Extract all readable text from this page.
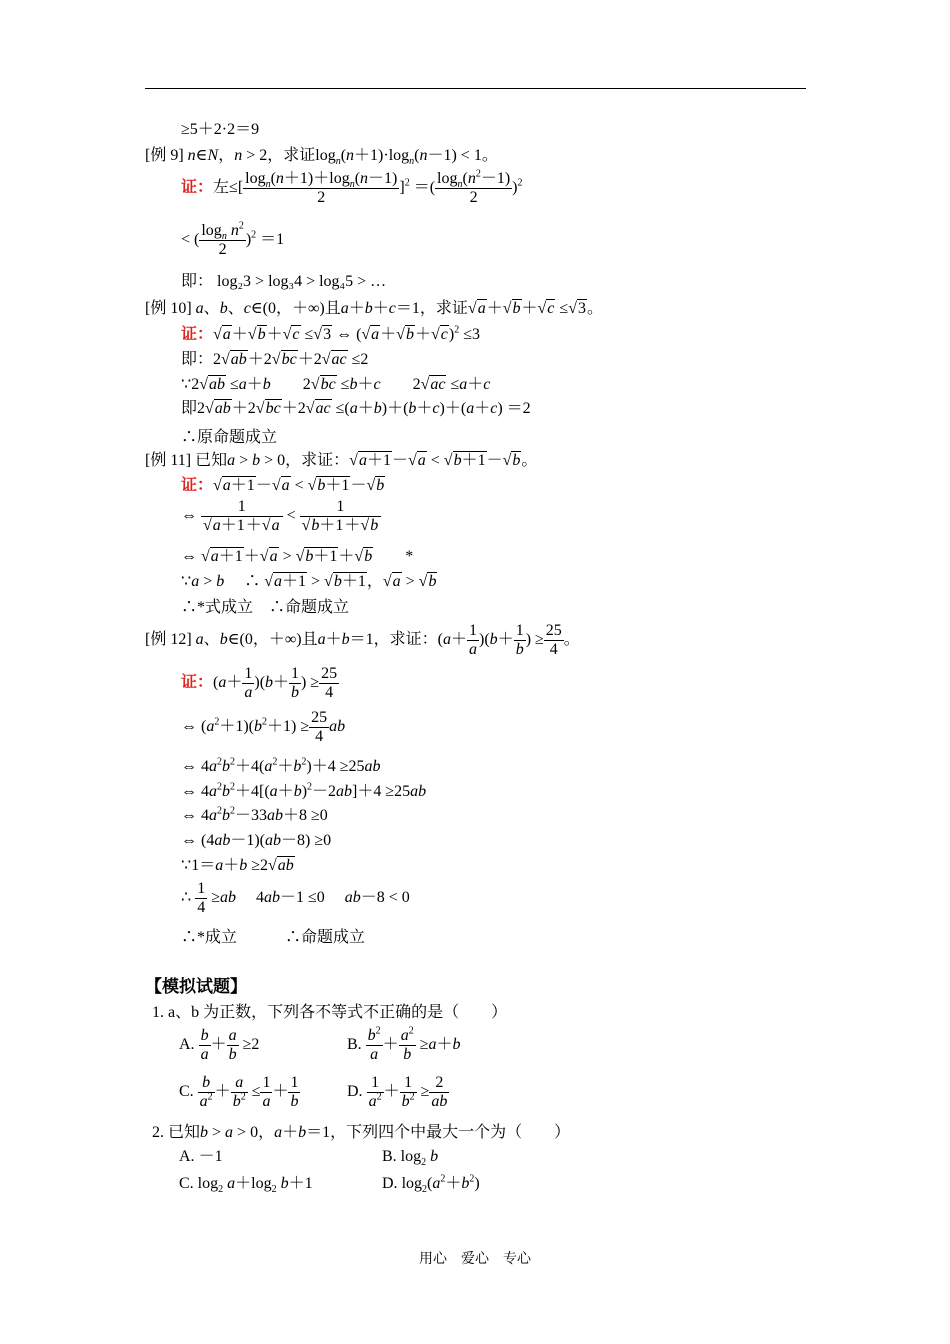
≥5＋2·2＝9
[例 9] n∈N，n > 2，求证$\log_n(n+1)\cdot\log_n(n-1) < 1$。
证：左≤[ $\frac{\log_n(n+1)+\log_n(n-1)}{2} ]^2$ ＝( $\frac{\log_n(n^2-1)}{2} )^2$
< ( $\frac{\log_n n^2}{2} )^2 =1$
即： log₂3 > log₃4 > log₄5 > …
[例 10] a、b、c∈(0，＋∞)且a＋b＋c＝1，求证√a＋√b＋√c ≤√3。
证：√a＋√b＋√c ≤√3 ⇔ $(√a+√b+√c)^2 \le 3$
即：2√ab＋2√bc＋2√ac ≤2
∵2√ab ≤a＋b　　2√bc ≤b＋c　　2√ac ≤a＋c
即2√ab＋2√bc＋2√ac ≤(a＋b)＋(b＋c)＋(a＋c) ＝2
∴原命题成立
[例 11] 已知a > b > 0，求证：√a＋1－√a < √b＋1－√b。
证：√a＋1－√a < √b＋1－√b
⇔ $\frac{1}{√a+1+√a} < \frac{1}{√b+1+√b}$
⇔ √a＋1＋√a > √b＋1＋√b　　 *
∵a > b　 ∴ √a＋1 > √b＋1，√a > √b
∴*式成立　 ∴命题成立
[例 12] a、b∈(0，＋∞)且a＋b＝1，求证：$(a+ \frac{1}{a} )(b+ \frac{1}{b}$ ) ≥ $\frac{25}{4}$ 。
证：$(a+ \frac{1}{a} )(b+ \frac{1}{b}$ ) ≥ $\frac{25}{4}$
⇔ $(a^2+1)(b^2+1) \ge \frac{25}{4}$ ab
⇔ $4a^2b^2+4(a^2+b^2)+4 \ge 25ab$
⇔ $4a^2b^2+4[(a+b)^2-2ab]+4 \ge 25ab$
⇔ $4a^2b^2-33ab+8 \ge 0$
⇔ (4ab－1)(ab－8) ≥0
∵1＝a＋b ≥2√ab
∴ $\frac{1}{4} \ge ab$　 4ab－1 ≤0　 ab－8 < 0
∴*成立　　　	∴命题成立
【模拟试题】
1. a、b 为正数，下列各不等式不正确的是（　　）
A. $\frac{b}{a} + \frac{a}{b} \ge 2$	B. $\frac{b^2}{a} + \frac{a^2}{b} \ge a+b$
C. $\frac{b}{a^2} + \frac{a}{b^2} \le \frac{1}{a} + \frac{1}{b}$	D. $\frac{1}{a^2} + \frac{1}{b^2} \ge \frac{2}{ab}$
2. 已知b > a > 0，a＋b＝1，下列四个中最大一个为（　　）
A. －1	B. $\log_2 b$
C. $\log_2 a+\log_2$ b＋1	D. $\log_2(a^2+b^2)$
用心　爱心　专心
